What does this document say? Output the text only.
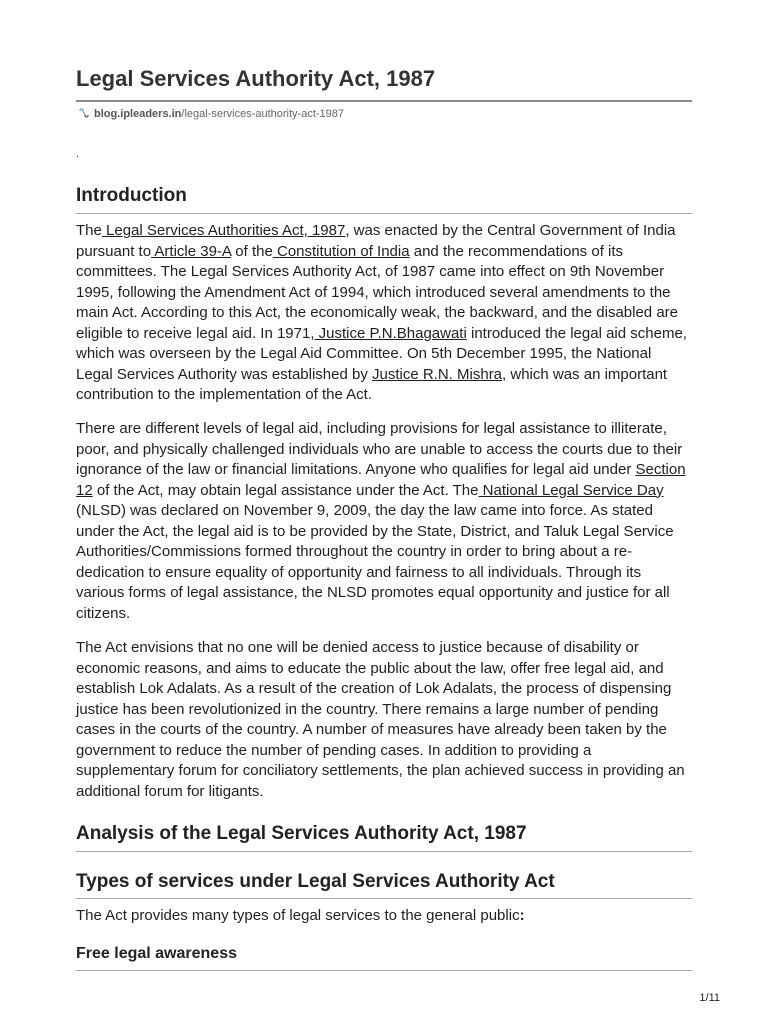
Legal Services Authority Act, 1987
blog.ipleaders.in/legal-services-authority-act-1987
.
Introduction

The Legal Services Authorities Act, 1987, was enacted by the Central Government of India pursuant to Article 39-A of the Constitution of India and the recommendations of its committees. The Legal Services Authority Act, of 1987 came into effect on 9th November 1995, following the Amendment Act of 1994, which introduced several amendments to the main Act. According to this Act, the economically weak, the backward, and the disabled are eligible to receive legal aid. In 1971, Justice P.N.Bhagawati introduced the legal aid scheme, which was overseen by the Legal Aid Committee. On 5th December 1995, the National Legal Services Authority was established by Justice R.N. Mishra, which was an important contribution to the implementation of the Act.

There are different levels of legal aid, including provisions for legal assistance to illiterate, poor, and physically challenged individuals who are unable to access the courts due to their ignorance of the law or financial limitations. Anyone who qualifies for legal aid under Section 12 of the Act, may obtain legal assistance under the Act. The National Legal Service Day (NLSD) was declared on November 9, 2009, the day the law came into force. As stated under the Act, the legal aid is to be provided by the State, District, and Taluk Legal Service Authorities/Commissions formed throughout the country in order to bring about a re-dedication to ensure equality of opportunity and fairness to all individuals. Through its various forms of legal assistance, the NLSD promotes equal opportunity and justice for all citizens.

The Act envisions that no one will be denied access to justice because of disability or economic reasons, and aims to educate the public about the law, offer free legal aid, and establish Lok Adalats. As a result of the creation of Lok Adalats, the process of dispensing justice has been revolutionized in the country. There remains a large number of pending cases in the courts of the country. A number of measures have already been taken by the government to reduce the number of pending cases. In addition to providing a supplementary forum for conciliatory settlements, the plan achieved success in providing an additional forum for litigants.

Analysis of the Legal Services Authority Act, 1987
Types of services under Legal Services Authority Act

The Act provides many types of legal services to the general public:

Free legal awareness
1/11
